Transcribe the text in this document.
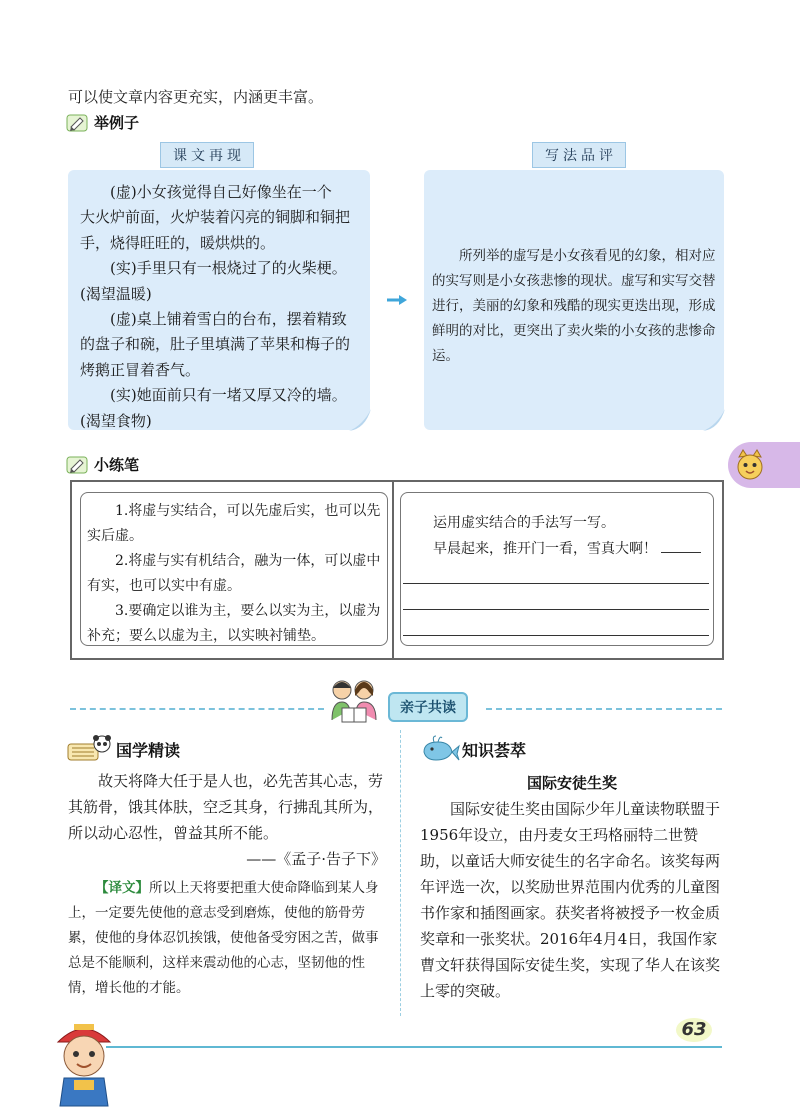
可以使文章内容更充实，内涵更丰富。
举例子
课文再现	写法品评

(虚)小女孩觉得自己好像坐在一个

大火炉前面，火炉装着闪亮的铜脚和铜把

手，烧得旺旺的，暖烘烘的。

(实)手里只有一根烧过了的火柴梗。

(渴望温暖)

(虚)桌上铺着雪白的台布，摆着精致

的盘子和碗，肚子里填满了苹果和梅子的

烤鹅正冒着香气。

(实)她面前只有一堵又厚又冷的墙。

(渴望食物)

所列举的虚写是小女孩看见的幻象，相对应的实写则是小女孩悲惨的现状。虚写和实写交替进行，美丽的幻象和残酷的现实更迭出现，形成鲜明的对比，更突出了卖火柴的小女孩的悲惨命运。

小练笔

1.将虚与实结合，可以先虚后实，也可以先实后虚。

2.将虚与实有机结合，融为一体，可以虚中有实，也可以实中有虚。

3.要确定以谁为主，要么以实为主，以虚为补充；要么以虚为主，以实映衬铺垫。

运用虚实结合的手法写一写。
早晨起来，推开门一看，雪真大啊！
亲子共读
国学精读
故天将降大任于是人也，必先苦其心志，劳其筋骨，饿其体肤，空乏其身，行拂乱其所为，所以动心忍性，曾益其所不能。
——《孟子·告子下》
【译文】所以上天将要把重大使命降临到某人身上，一定要先使他的意志受到磨炼，使他的筋骨劳累，使他的身体忍饥挨饿，使他备受穷困之苦，做事总是不能顺利，这样来震动他的心志，坚韧他的性情，增长他的才能。
知识荟萃
国际安徒生奖
国际安徒生奖由国际少年儿童读物联盟于1956年设立，由丹麦女王玛格丽特二世赞助，以童话大师安徒生的名字命名。该奖每两年评选一次，以奖励世界范围内优秀的儿童图书作家和插图画家。获奖者将被授予一枚金质奖章和一张奖状。2016年4月4日，我国作家曹文轩获得国际安徒生奖，实现了华人在该奖上零的突破。
63
